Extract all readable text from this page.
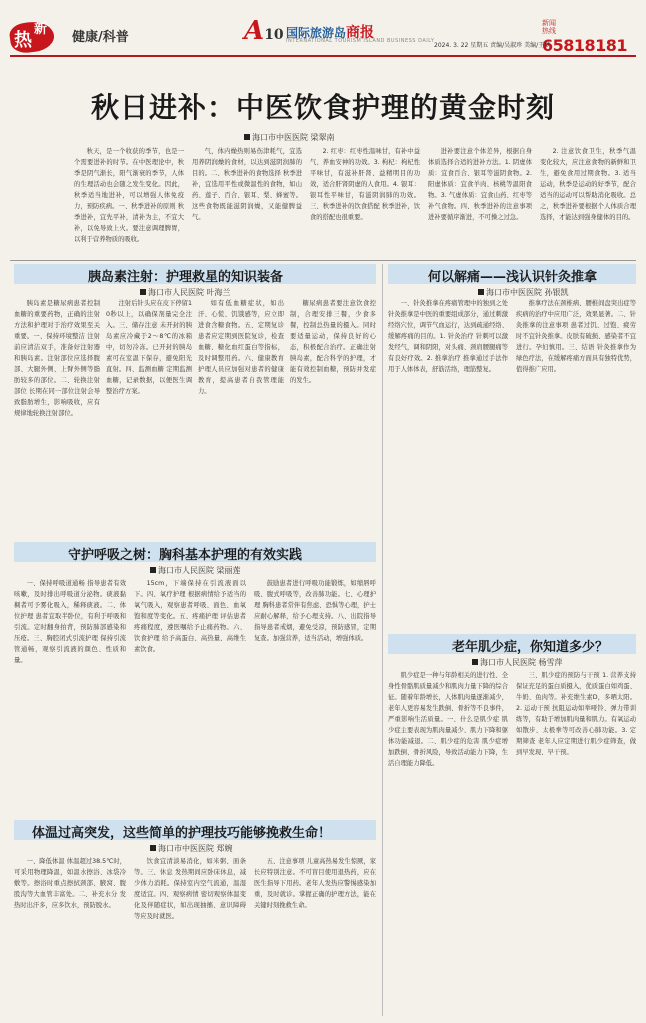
热
新
健康/科普	A10 国际旅游岛商报
INTERNATIONAL TOURISM ISLAND BUSINESS DAILY
新闻热线 65818181
2024. 3. 22 星期五 责编/吴淑珍 美编/王梦
秋日进补：中医饮食护理的黄金时刻
海口市中医医院 梁翠南

秋天，是一个收获的季节，也是一个需要进补的时节。在中医理论中，秋季是阴气渐长，阳气渐衰的季节，人体的生理活动也会随之发生变化。因此，秋季适当地进补，可以增强人体免疫力，预防疾病。一、秋季进补的原则 秋季进补，宜先平补，清补为主，不宜大补，以免导致上火。要注意调理脾胃，以利于营养物质的吸收。

气，体内燥热则易伤津耗气，宜选用养阴润燥的食材，以达到滋阴润肺的目的。二、秋季进补的食物选择 秋季进补，宜选用平性或微温性的食物，如山药、莲子、百合、银耳、梨、蜂蜜等。这些食物既能滋阴润燥，又能健脾益气。

2. 红枣：红枣性温味甘，有补中益气、养血安神的功效。3. 枸杞：枸杞性平味甘，有滋补肝肾、益精明目的功效，适合肝肾阴虚的人食用。4. 银耳：银耳性平味甘，有滋阴润肺的功效。三、秋季进补的饮食搭配 秋季进补，饮食的搭配也很重要。

进补要注意个体差异，根据自身体质选择合适的进补方法。1. 阴虚体质：宜食百合、银耳等滋阴食物。2. 阳虚体质：宜食羊肉、核桃等温阳食物。3. 气虚体质：宜食山药、红枣等补气食物。四、秋季进补的注意事项 进补要循序渐进，不可操之过急。

2. 注意饮食卫生，秋季气温变化较大，应注意食物的新鲜和卫生，避免食用过期食物。3. 适当运动，秋季是运动的好季节，配合适当的运动可以帮助消化吸收。总之，秋季进补要根据个人体质合理选择，才能达到强身健体的目的。

胰岛素注射：护理救星的知识装备
海口市人民医院 叶海兰

胰岛素是糖尿病患者控制血糖的重要药物，正确的注射方法和护理对于治疗效果至关重要。一、保持环境整洁 注射前应清洁双手，准备好注射器和胰岛素。注射部位应选择腹部、大腿外侧、上臂外侧等脂肪较多的部位。二、轮换注射部位 长期在同一部位注射会导致脂肪增生，影响吸收，应有规律地轮换注射部位。

注射后针头应在皮下停留10秒以上，以确保剂量完全注入。三、储存注意 未开封的胰岛素应冷藏于2～8℃的冰箱中，切勿冷冻。已开封的胰岛素可在室温下保存，避免阳光直射。四、监测血糖 定期监测血糖，记录数据，以便医生调整治疗方案。

如有低血糖症状，如出汗、心慌、饥饿感等，应立即进食含糖食物。五、定期复诊 患者应定期到医院复诊，检查血糖、糖化血红蛋白等指标，及时调整用药。六、健康教育 护理人员应加强对患者的健康教育，提高患者自我管理能力。

糖尿病患者要注意饮食控制，合理安排三餐，少食多餐，控制总热量的摄入。同时要适量运动，保持良好的心态，积极配合治疗。正确注射胰岛素，配合科学的护理，才能有效控制血糖，预防并发症的发生。

守护呼吸之树：胸科基本护理的有效实践
海口市人民医院 梁丽莲

一、保持呼吸道通畅 指导患者有效咳嗽，及时排出呼吸道分泌物。痰液黏稠者可予雾化吸入，稀释痰液。二、体位护理 患者宜取半卧位，有利于呼吸和引流。定时翻身拍背，预防肺部感染和压疮。三、胸腔闭式引流护理 保持引流管通畅，观察引流液的颜色、性质和量。

15cm，下端保持在引流液面以下。四、氧疗护理 根据病情给予适当的氧气吸入，观察患者呼吸、面色、血氧饱和度等变化。五、疼痛护理 评估患者疼痛程度，遵医嘱给予止痛药物。六、饮食护理 给予高蛋白、高热量、高维生素饮食。

鼓励患者进行呼吸功能锻炼，如缩唇呼吸、腹式呼吸等，改善肺功能。七、心理护理 胸科患者常伴有焦虑、恐惧等心理，护士应耐心解释，给予心理支持。八、出院指导 指导患者戒烟，避免受凉，预防感冒，定期复查。加强营养，适当活动，增强体质。

体温过高突发，这些简单的护理技巧能够挽救生命！
海口市中医医院 郑婉

一、降低体温 体温超过38.5℃时，可采用物理降温，如温水擦浴、冰袋冷敷等。擦浴时重点擦拭颈部、腋窝、腹股沟等大血管丰富处。二、补充水分 发热时出汗多，应多饮水，预防脱水。

饮食宜清淡易消化，如米粥、面条等。三、休息 发热期间应卧床休息，减少体力消耗。保持室内空气流通，温湿度适宜。四、观察病情 密切观察体温变化及伴随症状，如出现抽搐、意识障碍等应及时就医。

五、注意事项 儿童高热易发生惊厥，家长应特别注意。不可盲目使用退热药，应在医生指导下用药。老年人发热应警惕感染加重，及时就诊。掌握正确的护理方法，能在关键时刻挽救生命。

何以解痛——浅认识针灸推拿
海口市中医医院 孙银凯

一、针灸推拿在疼痛管理中的独到之处 针灸推拿是中医的重要组成部分，通过刺激经络穴位，调节气血运行，达到疏通经络、缓解疼痛的目的。1. 针灸治疗 针刺可以激发经气，调和阴阳，对头痛、颈肩腰腿痛等有良好疗效。2. 推拿治疗 推拿通过手法作用于人体体表，舒筋活络，理筋整复。

推拿疗法在颈椎病、腰椎间盘突出症等疾病的治疗中应用广泛，效果显著。二、针灸推拿的注意事项 患者过饥、过饱、疲劳时不宜针灸推拿。皮肤有破损、感染者不宜进行。孕妇慎用。三、结语 针灸推拿作为绿色疗法，在缓解疼痛方面具有独特优势，值得推广应用。

老年肌少症，你知道多少？
海口市人民医院 杨雪萍

肌少症是一种与年龄相关的进行性、全身性骨骼肌质量减少和肌肉力量下降的综合征。随着年龄增长，人体肌肉量逐渐减少，老年人更容易发生跌倒、骨折等不良事件，严重影响生活质量。一、什么是肌少症 肌少症主要表现为肌肉量减少、肌力下降和躯体功能减退。二、肌少症的危害 肌少症增加跌倒、骨折风险，导致活动能力下降，生活自理能力降低。

三、肌少症的预防与干预 1. 营养支持 保证充足的蛋白质摄入，优质蛋白如鸡蛋、牛奶、鱼肉等。补充维生素D，多晒太阳。2. 运动干预 抗阻运动如举哑铃、弹力带训练等，有助于增加肌肉量和肌力。有氧运动如散步、太极拳等可改善心肺功能。3. 定期筛查 老年人应定期进行肌少症筛查，做到早发现、早干预。
